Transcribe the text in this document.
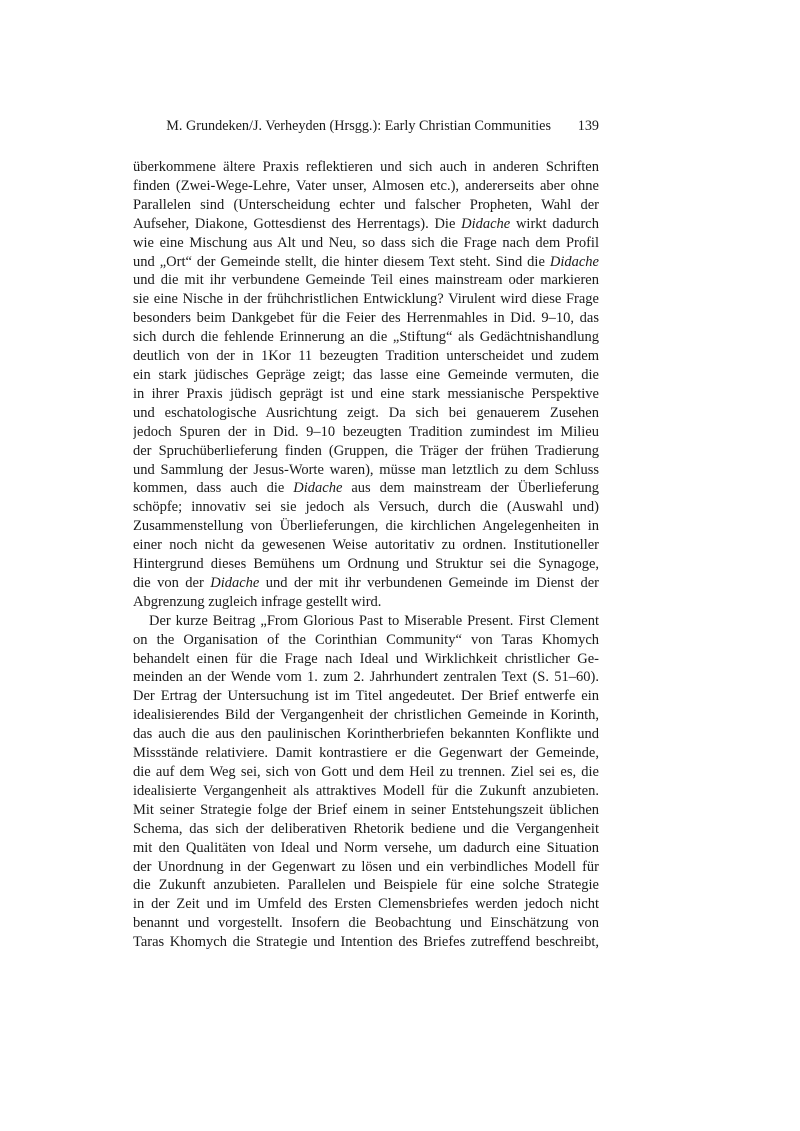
M. Grundeken/J. Verheyden (Hrsgg.): Early Christian Communities 139
überkommene ältere Praxis reflektieren und sich auch in anderen Schriften
finden (Zwei-Wege-Lehre, Vater unser, Almosen etc.), andererseits aber ohne
Parallelen sind (Unterscheidung echter und falscher Propheten, Wahl der
Aufseher, Diakone, Gottesdienst des Herrentags). Die Didache wirkt dadurch
wie eine Mischung aus Alt und Neu, so dass sich die Frage nach dem Profil
und „Ort“ der Gemeinde stellt, die hinter diesem Text steht. Sind die Didache
und die mit ihr verbundene Gemeinde Teil eines mainstream oder markieren
sie eine Nische in der frühchristlichen Entwicklung? Virulent wird diese Frage
besonders beim Dankgebet für die Feier des Herrenmahles in Did. 9–10, das
sich durch die fehlende Erinnerung an die „Stiftung“ als Gedächtnishandlung
deutlich von der in 1Kor 11 bezeugten Tradition unterscheidet und zudem
ein stark jüdisches Gepräge zeigt; das lasse eine Gemeinde vermuten, die
in ihrer Praxis jüdisch geprägt ist und eine stark messianische Perspektive
und eschatologische Ausrichtung zeigt. Da sich bei genauerem Zusehen
jedoch Spuren der in Did. 9–10 bezeugten Tradition zumindest im Milieu
der Spruchüberlieferung finden (Gruppen, die Träger der frühen Tradierung
und Sammlung der Jesus-Worte waren), müsse man letztlich zu dem Schluss
kommen, dass auch die Didache aus dem mainstream der Überlieferung
schöpfe; innovativ sei sie jedoch als Versuch, durch die (Auswahl und)
Zusammenstellung von Überlieferungen, die kirchlichen Angelegenheiten in
einer noch nicht da gewesenen Weise autoritativ zu ordnen. Institutioneller
Hintergrund dieses Bemühens um Ordnung und Struktur sei die Synagoge,
die von der Didache und der mit ihr verbundenen Gemeinde im Dienst der
Abgrenzung zugleich infrage gestellt wird.
Der kurze Beitrag „From Glorious Past to Miserable Present. First Clement
on the Organisation of the Corinthian Community“ von Taras Khomych
behandelt einen für die Frage nach Ideal und Wirklichkeit christlicher Ge-
meinden an der Wende vom 1. zum 2. Jahrhundert zentralen Text (S. 51–60).
Der Ertrag der Untersuchung ist im Titel angedeutet. Der Brief entwerfe ein
idealisierendes Bild der Vergangenheit der christlichen Gemeinde in Korinth,
das auch die aus den paulinischen Korintherbriefen bekannten Konflikte und
Missstände relativiere. Damit kontrastiere er die Gegenwart der Gemeinde,
die auf dem Weg sei, sich von Gott und dem Heil zu trennen. Ziel sei es, die
idealisierte Vergangenheit als attraktives Modell für die Zukunft anzubieten.
Mit seiner Strategie folge der Brief einem in seiner Entstehungszeit üblichen
Schema, das sich der deliberativen Rhetorik bediene und die Vergangenheit
mit den Qualitäten von Ideal und Norm versehe, um dadurch eine Situation
der Unordnung in der Gegenwart zu lösen und ein verbindliches Modell für
die Zukunft anzubieten. Parallelen und Beispiele für eine solche Strategie
in der Zeit und im Umfeld des Ersten Clemensbriefes werden jedoch nicht
benannt und vorgestellt. Insofern die Beobachtung und Einschätzung von
Taras Khomych die Strategie und Intention des Briefes zutreffend beschreibt,
